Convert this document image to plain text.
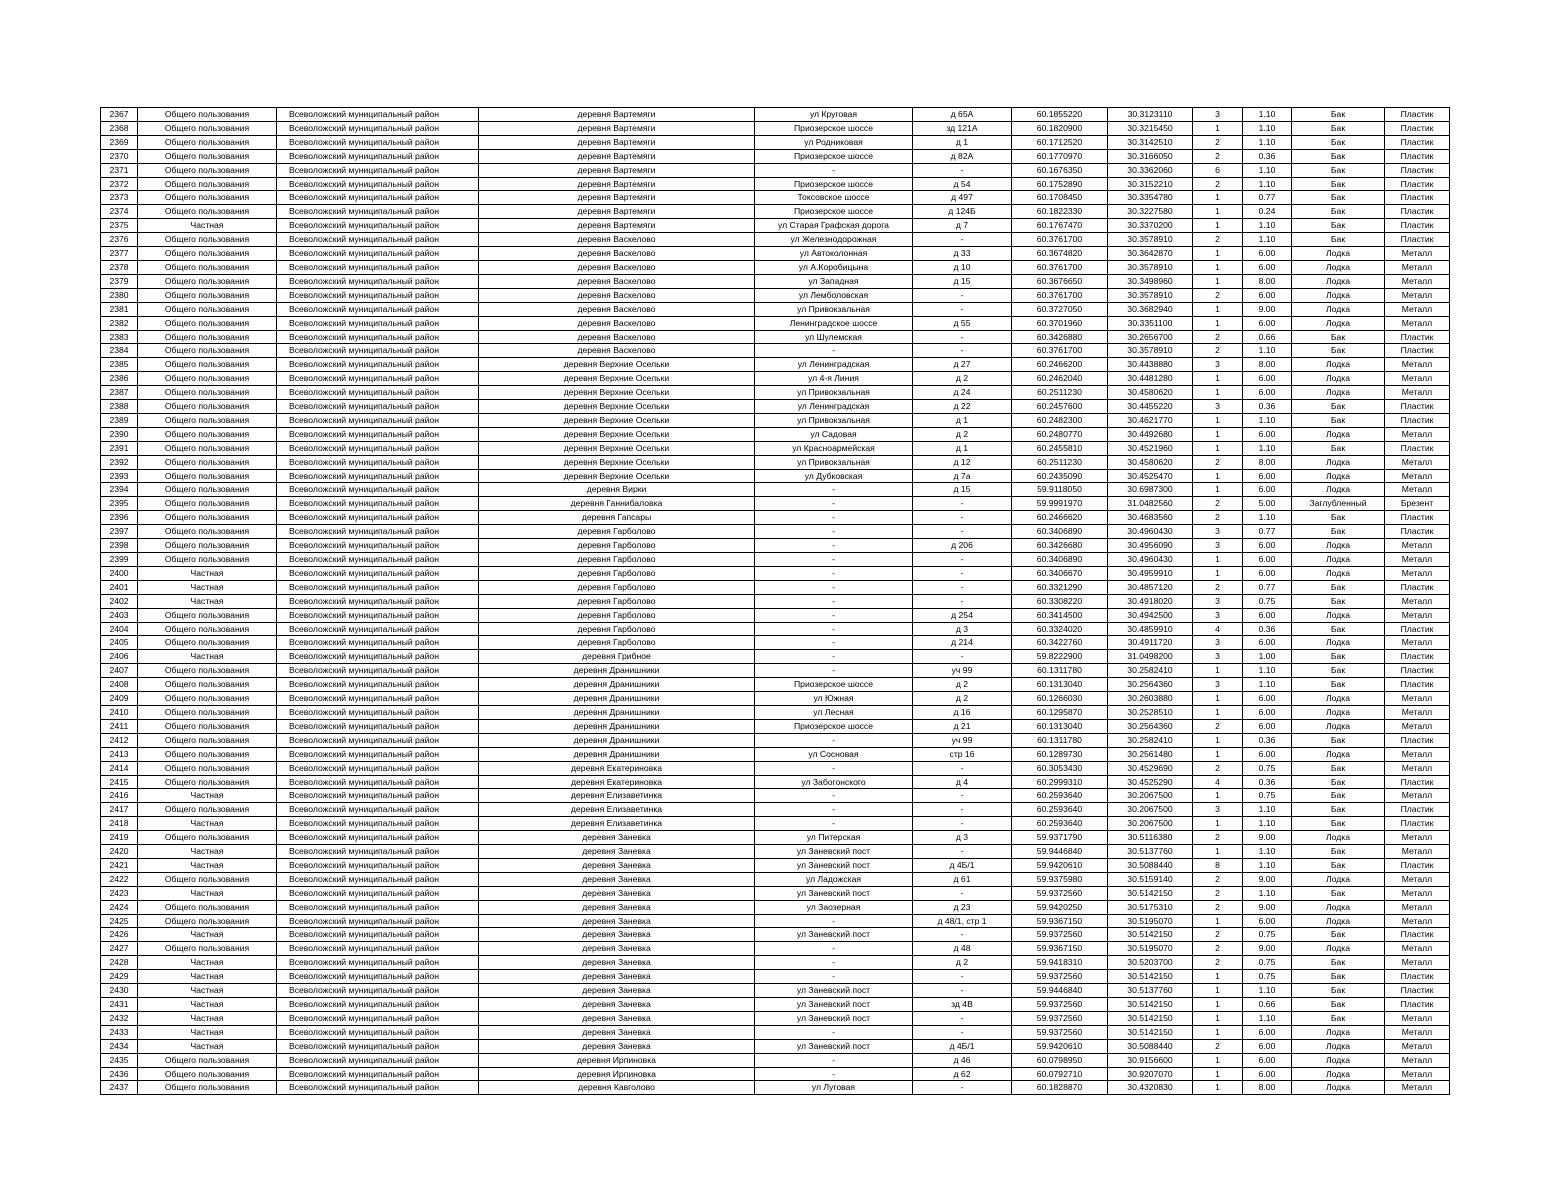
2367	Общего пользования	Всеволожский муниципальный район	деревня Вартемяги	ул Круговая	д 65А	60.1855220	30.3123110	3	1.10	Бак	Пластик
2368	Общего пользования	Всеволожский муниципальный район	деревня Вартемяги	Приозерское шоссе	зд 121А	60.1820900	30.3215450	1	1.10	Бак	Пластик
2369	Общего пользования	Всеволожский муниципальный район	деревня Вартемяги	ул Родниковая	д 1	60.1712520	30.3142510	2	1.10	Бак	Пластик
2370	Общего пользования	Всеволожский муниципальный район	деревня Вартемяги	Приозерское шоссе	д 82А	60.1770970	30.3166050	2	0.36	Бак	Пластик
2371	Общего пользования	Всеволожский муниципальный район	деревня Вартемяги	-	-	60.1676350	30.3362060	6	1.10	Бак	Пластик
2372	Общего пользования	Всеволожский муниципальный район	деревня Вартемяги	Приозерское шоссе	д 54	60.1752890	30.3152210	2	1.10	Бак	Пластик
2373	Общего пользования	Всеволожский муниципальный район	деревня Вартемяги	Токсовское шоссе	д 497	60.1708450	30.3354780	1	0.77	Бак	Пластик
2374	Общего пользования	Всеволожский муниципальный район	деревня Вартемяги	Приозерское шоссе	д 124Б	60.1822330	30.3227580	1	0.24	Бак	Пластик
2375	Частная	Всеволожский муниципальный район	деревня Вартемяги	ул Старая Графская дорога	д 7	60.1767470	30.3370200	1	1.10	Бак	Пластик
2376	Общего пользования	Всеволожский муниципальный район	деревня Васкелово	ул Железнодорожная	-	60.3761700	30.3578910	2	1.10	Бак	Пластик
2377	Общего пользования	Всеволожский муниципальный район	деревня Васкелово	ул Автоколонная	д 33	60.3674820	30.3642870	1	6.00	Лодка	Металл
2378	Общего пользования	Всеволожский муниципальный район	деревня Васкелово	ул А.Коробицына	д 10	60.3761700	30.3578910	1	6.00	Лодка	Металл
2379	Общего пользования	Всеволожский муниципальный район	деревня Васкелово	ул Западная	д 15	60.3676650	30.3498960	1	8.00	Лодка	Металл
2380	Общего пользования	Всеволожский муниципальный район	деревня Васкелово	ул Лемболовская	-	60.3761700	30.3578910	2	6.00	Лодка	Металл
2381	Общего пользования	Всеволожский муниципальный район	деревня Васкелово	ул Привокзальная	-	60.3727050	30.3682940	1	9.00	Лодка	Металл
2382	Общего пользования	Всеволожский муниципальный район	деревня Васкелово	Ленинградское шоссе	д 55	60.3701960	30.3351100	1	6.00	Лодка	Металл
2383	Общего пользования	Всеволожский муниципальный район	деревня Васкелово	ул Шулемская	-	60.3426880	30.2656700	2	0.66	Бак	Пластик
2384	Общего пользования	Всеволожский муниципальный район	деревня Васкелово	-	-	60.3761700	30.3578910	2	1.10	Бак	Пластик
2385	Общего пользования	Всеволожский муниципальный район	деревня Верхние Осельки	ул Ленинградская	д 27	60.2466200	30.4438880	3	8.00	Лодка	Металл
2386	Общего пользования	Всеволожский муниципальный район	деревня Верхние Осельки	ул 4-я Линия	д 2	60.2462040	30.4481280	1	6.00	Лодка	Металл
2387	Общего пользования	Всеволожский муниципальный район	деревня Верхние Осельки	ул Привокзальная	д 24	60.2511230	30.4580620	1	6.00	Лодка	Металл
2388	Общего пользования	Всеволожский муниципальный район	деревня Верхние Осельки	ул Ленинградская	д 22	60.2457600	30.4455220	3	0.36	Бак	Пластик
2389	Общего пользования	Всеволожский муниципальный район	деревня Верхние Осельки	ул Привокзальная	д 1	60.2482300	30.4621770	1	1.10	Бак	Пластик
2390	Общего пользования	Всеволожский муниципальный район	деревня Верхние Осельки	ул Садовая	д 2	60.2480770	30.4492680	1	6.00	Лодка	Металл
2391	Общего пользования	Всеволожский муниципальный район	деревня Верхние Осельки	ул Красноармейская	д 1	60.2455810	30.4521960	1	1.10	Бак	Пластик
2392	Общего пользования	Всеволожский муниципальный район	деревня Верхние Осельки	ул Привокзальная	д 12	60.2511230	30.4580620	2	8.00	Лодка	Металл
2393	Общего пользования	Всеволожский муниципальный район	деревня Верхние Осельки	ул Дубковская	д 7а	60.2435090	30.4525470	1	6.00	Лодка	Металл
2394	Общего пользования	Всеволожский муниципальный район	деревня Вирки	-	д 15	59.9118050	30.6987300	1	6.00	Лодка	Металл
2395	Общего пользования	Всеволожский муниципальный район	деревня Ганнибаловка	-	-	59.9991970	31.0482560	2	5.00	Заглубленный	Брезент
2396	Общего пользования	Всеволожский муниципальный район	деревня Гапсары	-	-	60.2466620	30.4683560	2	1.10	Бак	Пластик
2397	Общего пользования	Всеволожский муниципальный район	деревня Гарболово	-	-	60.3406890	30.4960430	3	0.77	Бак	Пластик
2398	Общего пользования	Всеволожский муниципальный район	деревня Гарболово	-	д 206	60.3426680	30.4956090	3	6.00	Лодка	Металл
2399	Общего пользования	Всеволожский муниципальный район	деревня Гарболово	-	-	60.3406890	30.4960430	1	6.00	Лодка	Металл
2400	Частная	Всеволожский муниципальный район	деревня Гарболово	-	-	60.3406670	30.4959910	1	6.00	Лодка	Металл
2401	Частная	Всеволожский муниципальный район	деревня Гарболово	-	-	60.3321290	30.4857120	2	0.77	Бак	Пластик
2402	Частная	Всеволожский муниципальный район	деревня Гарболово	-	-	60.3308220	30.4918020	3	0.75	Бак	Металл
2403	Общего пользования	Всеволожский муниципальный район	деревня Гарболово	-	д 254	60.3414500	30.4942500	3	6.00	Лодка	Металл
2404	Общего пользования	Всеволожский муниципальный район	деревня Гарболово	-	д 3	60.3324020	30.4859910	4	0.36	Бак	Пластик
2405	Общего пользования	Всеволожский муниципальный район	деревня Гарболово	-	д 214	60.3422760	30.4911720	3	6.00	Лодка	Металл
2406	Частная	Всеволожский муниципальный район	деревня Грибное	-	-	59.8222900	31.0498200	3	1.00	Бак	Пластик
2407	Общего пользования	Всеволожский муниципальный район	деревня Дранишники	-	уч 99	60.1311780	30.2582410	1	1.10	Бак	Пластик
2408	Общего пользования	Всеволожский муниципальный район	деревня Дранишники	Приозерское шоссе	д 2	60.1313040	30.2564360	3	1.10	Бак	Пластик
2409	Общего пользования	Всеволожский муниципальный район	деревня Дранишники	ул Южная	д 2	60.1266030	30.2603880	1	6.00	Лодка	Металл
2410	Общего пользования	Всеволожский муниципальный район	деревня Дранишники	ул Лесная	д 16	60.1295870	30.2528510	1	6.00	Лодка	Металл
2411	Общего пользования	Всеволожский муниципальный район	деревня Дранишники	Приозерское шоссе	д 21	60.1313040	30.2564360	2	6.00	Лодка	Металл
2412	Общего пользования	Всеволожский муниципальный район	деревня Дранишники	-	уч 99	60.1311780	30.2582410	1	0.36	Бак	Пластик
2413	Общего пользования	Всеволожский муниципальный район	деревня Дранишники	ул Сосновая	стр 16	60.1289730	30.2561480	1	6.00	Лодка	Металл
2414	Общего пользования	Всеволожский муниципальный район	деревня Екатериновка	-	-	60.3053430	30.4529690	2	0.75	Бак	Металл
2415	Общего пользования	Всеволожский муниципальный район	деревня Екатериновка	ул Забогонского	д 4	60.2999310	30.4525290	4	0.36	Бак	Пластик
2416	Частная	Всеволожский муниципальный район	деревня Елизаветинка	-	-	60.2593640	30.2067500	1	0.75	Бак	Металл
2417	Общего пользования	Всеволожский муниципальный район	деревня Елизаветинка	-	-	60.2593640	30.2067500	3	1.10	Бак	Пластик
2418	Частная	Всеволожский муниципальный район	деревня Елизаветинка	-	-	60.2593640	30.2067500	1	1.10	Бак	Пластик
2419	Общего пользования	Всеволожский муниципальный район	деревня Заневка	ул Питерская	д 3	59.9371790	30.5116380	2	9.00	Лодка	Металл
2420	Частная	Всеволожский муниципальный район	деревня Заневка	ул Заневский пост	-	59.9446840	30.5137760	1	1.10	Бак	Металл
2421	Частная	Всеволожский муниципальный район	деревня Заневка	ул Заневский пост	д 4Б/1	59.9420610	30.5088440	8	1.10	Бак	Пластик
2422	Общего пользования	Всеволожский муниципальный район	деревня Заневка	ул Ладожская	д 61	59.9375980	30.5159140	2	9.00	Лодка	Металл
2423	Частная	Всеволожский муниципальный район	деревня Заневка	ул Заневский пост	-	59.9372560	30.5142150	2	1.10	Бак	Металл
2424	Общего пользования	Всеволожский муниципальный район	деревня Заневка	ул Заозерная	д 23	59.9420250	30.5175310	2	9.00	Лодка	Металл
2425	Общего пользования	Всеволожский муниципальный район	деревня Заневка	-	д 48/1, стр 1	59.9367150	30.5195070	1	6.00	Лодка	Металл
2426	Частная	Всеволожский муниципальный район	деревня Заневка	ул Заневский пост	-	59.9372560	30.5142150	2	0.75	Бак	Пластик
2427	Общего пользования	Всеволожский муниципальный район	деревня Заневка	-	д 48	59.9367150	30.5195070	2	9.00	Лодка	Металл
2428	Частная	Всеволожский муниципальный район	деревня Заневка	-	д 2	59.9418310	30.5203700	2	0.75	Бак	Металл
2429	Частная	Всеволожский муниципальный район	деревня Заневка	-	-	59.9372560	30.5142150	1	0.75	Бак	Пластик
2430	Частная	Всеволожский муниципальный район	деревня Заневка	ул Заневский пост	-	59.9446840	30.5137760	1	1.10	Бак	Пластик
2431	Частная	Всеволожский муниципальный район	деревня Заневка	ул Заневский пост	зд 4В	59.9372560	30.5142150	1	0.66	Бак	Пластик
2432	Частная	Всеволожский муниципальный район	деревня Заневка	ул Заневский пост	-	59.9372560	30.5142150	1	1.10	Бак	Металл
2433	Частная	Всеволожский муниципальный район	деревня Заневка	-	-	59.9372560	30.5142150	1	6.00	Лодка	Металл
2434	Частная	Всеволожский муниципальный район	деревня Заневка	ул Заневский пост	д 4Б/1	59.9420610	30.5088440	2	6.00	Лодка	Металл
2435	Общего пользования	Всеволожский муниципальный район	деревня Ирпиновка	-	д 46	60.0798950	30.9156600	1	6.00	Лодка	Металл
2436	Общего пользования	Всеволожский муниципальный район	деревня Ирпиновка	-	д 62	60.0792710	30.9207070	1	6.00	Лодка	Металл
2437	Общего пользования	Всеволожский муниципальный район	деревня Кавголово	ул Луговая	-	60.1828870	30.4320830	1	8.00	Лодка	Металл
